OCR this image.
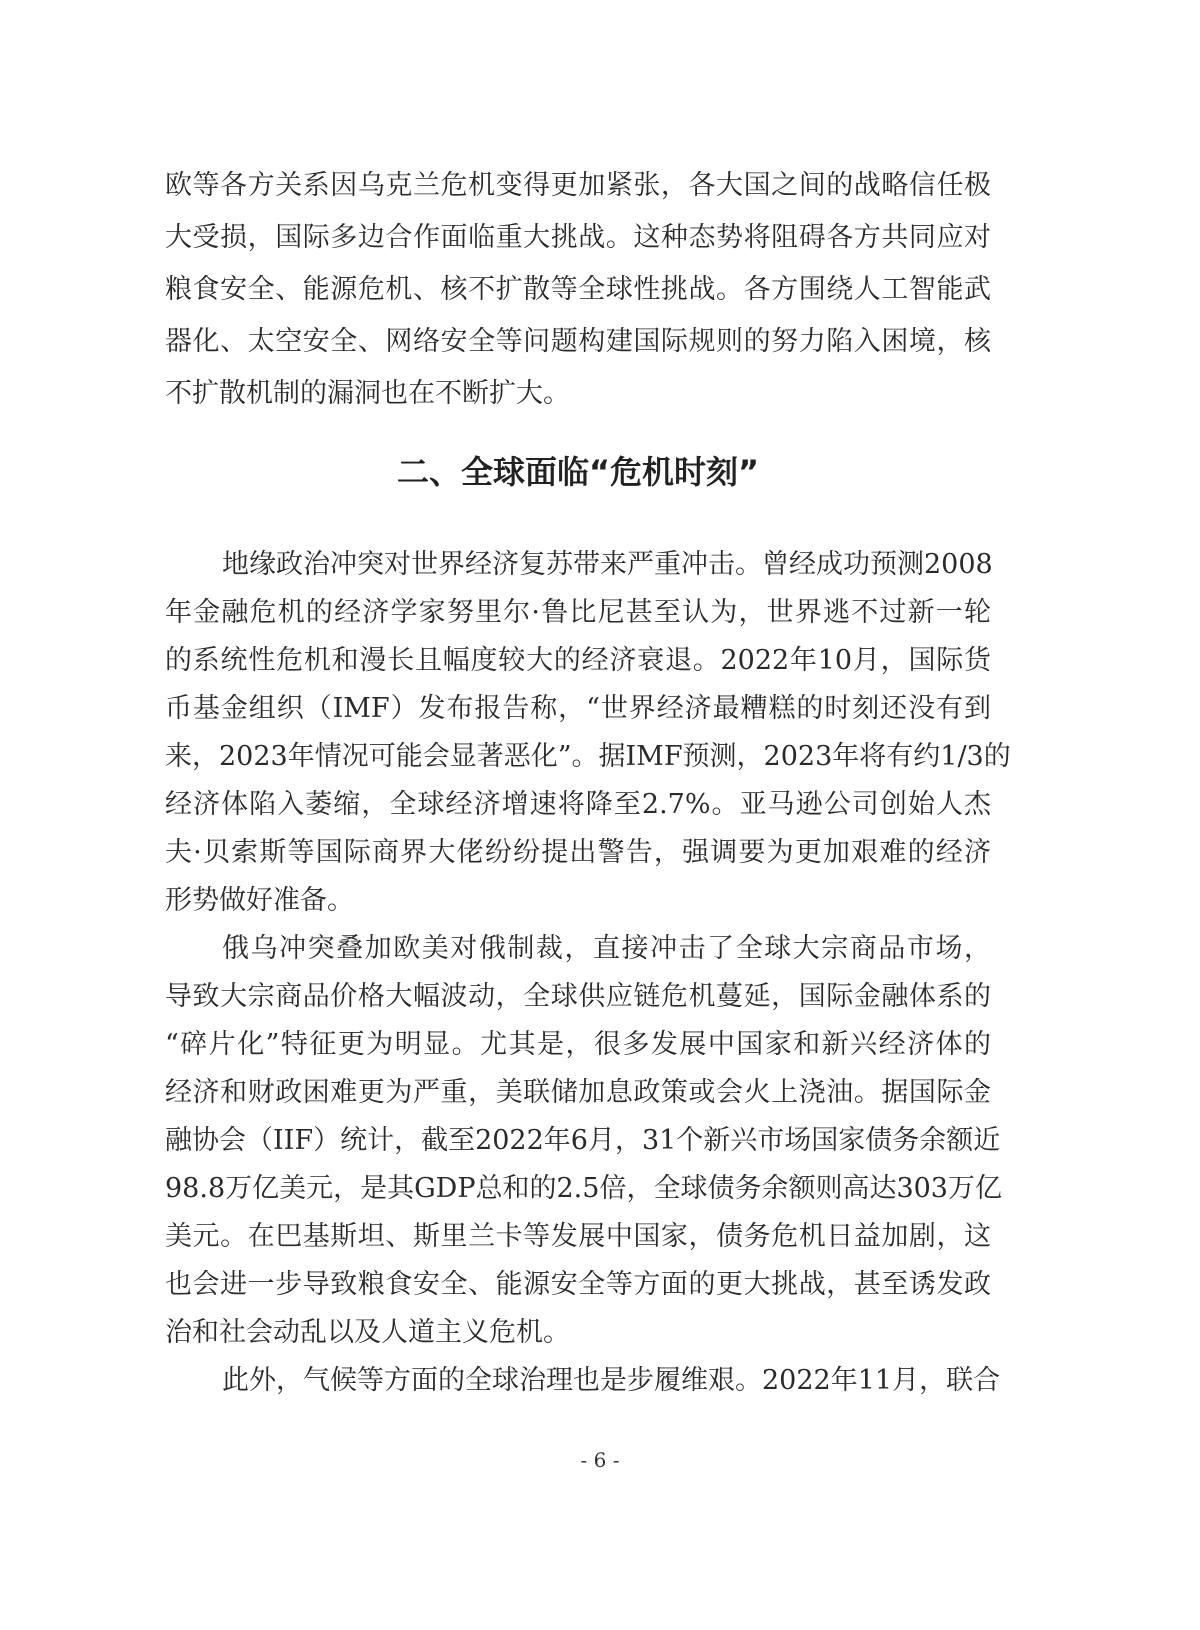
欧等各方关系因乌克兰危机变得更加紧张，各大国之间的战略信任极
大受损，国际多边合作面临重大挑战。这种态势将阻碍各方共同应对
粮食安全、能源危机、核不扩散等全球性挑战。各方围绕人工智能武
器化、太空安全、网络安全等问题构建国际规则的努力陷入困境，核
不扩散机制的漏洞也在不断扩大。
二、全球面临“危机时刻”
地缘政治冲突对世界经济复苏带来严重冲击。曾经成功预测2008
年金融危机的经济学家努里尔·鲁比尼甚至认为，世界逃不过新一轮
的系统性危机和漫长且幅度较大的经济衰退。2022年10月，国际货
币基金组织（IMF）发布报告称，“世界经济最糟糕的时刻还没有到
来，2023年情况可能会显著恶化”。据IMF预测，2023年将有约1/3的
经济体陷入萎缩，全球经济增速将降至2.7%。亚马逊公司创始人杰
夫·贝索斯等国际商界大佬纷纷提出警告，强调要为更加艰难的经济
形势做好准备。
俄乌冲突叠加欧美对俄制裁，直接冲击了全球大宗商品市场，
导致大宗商品价格大幅波动，全球供应链危机蔓延，国际金融体系的
“碎片化”特征更为明显。尤其是，很多发展中国家和新兴经济体的
经济和财政困难更为严重，美联储加息政策或会火上浇油。据国际金
融协会（IIF）统计，截至2022年6月，31个新兴市场国家债务余额近
98.8万亿美元，是其GDP总和的2.5倍，全球债务余额则高达303万亿
美元。在巴基斯坦、斯里兰卡等发展中国家，债务危机日益加剧，这
也会进一步导致粮食安全、能源安全等方面的更大挑战，甚至诱发政
治和社会动乱以及人道主义危机。
此外，气候等方面的全球治理也是步履维艰。2022年11月，联合
- 6 -
